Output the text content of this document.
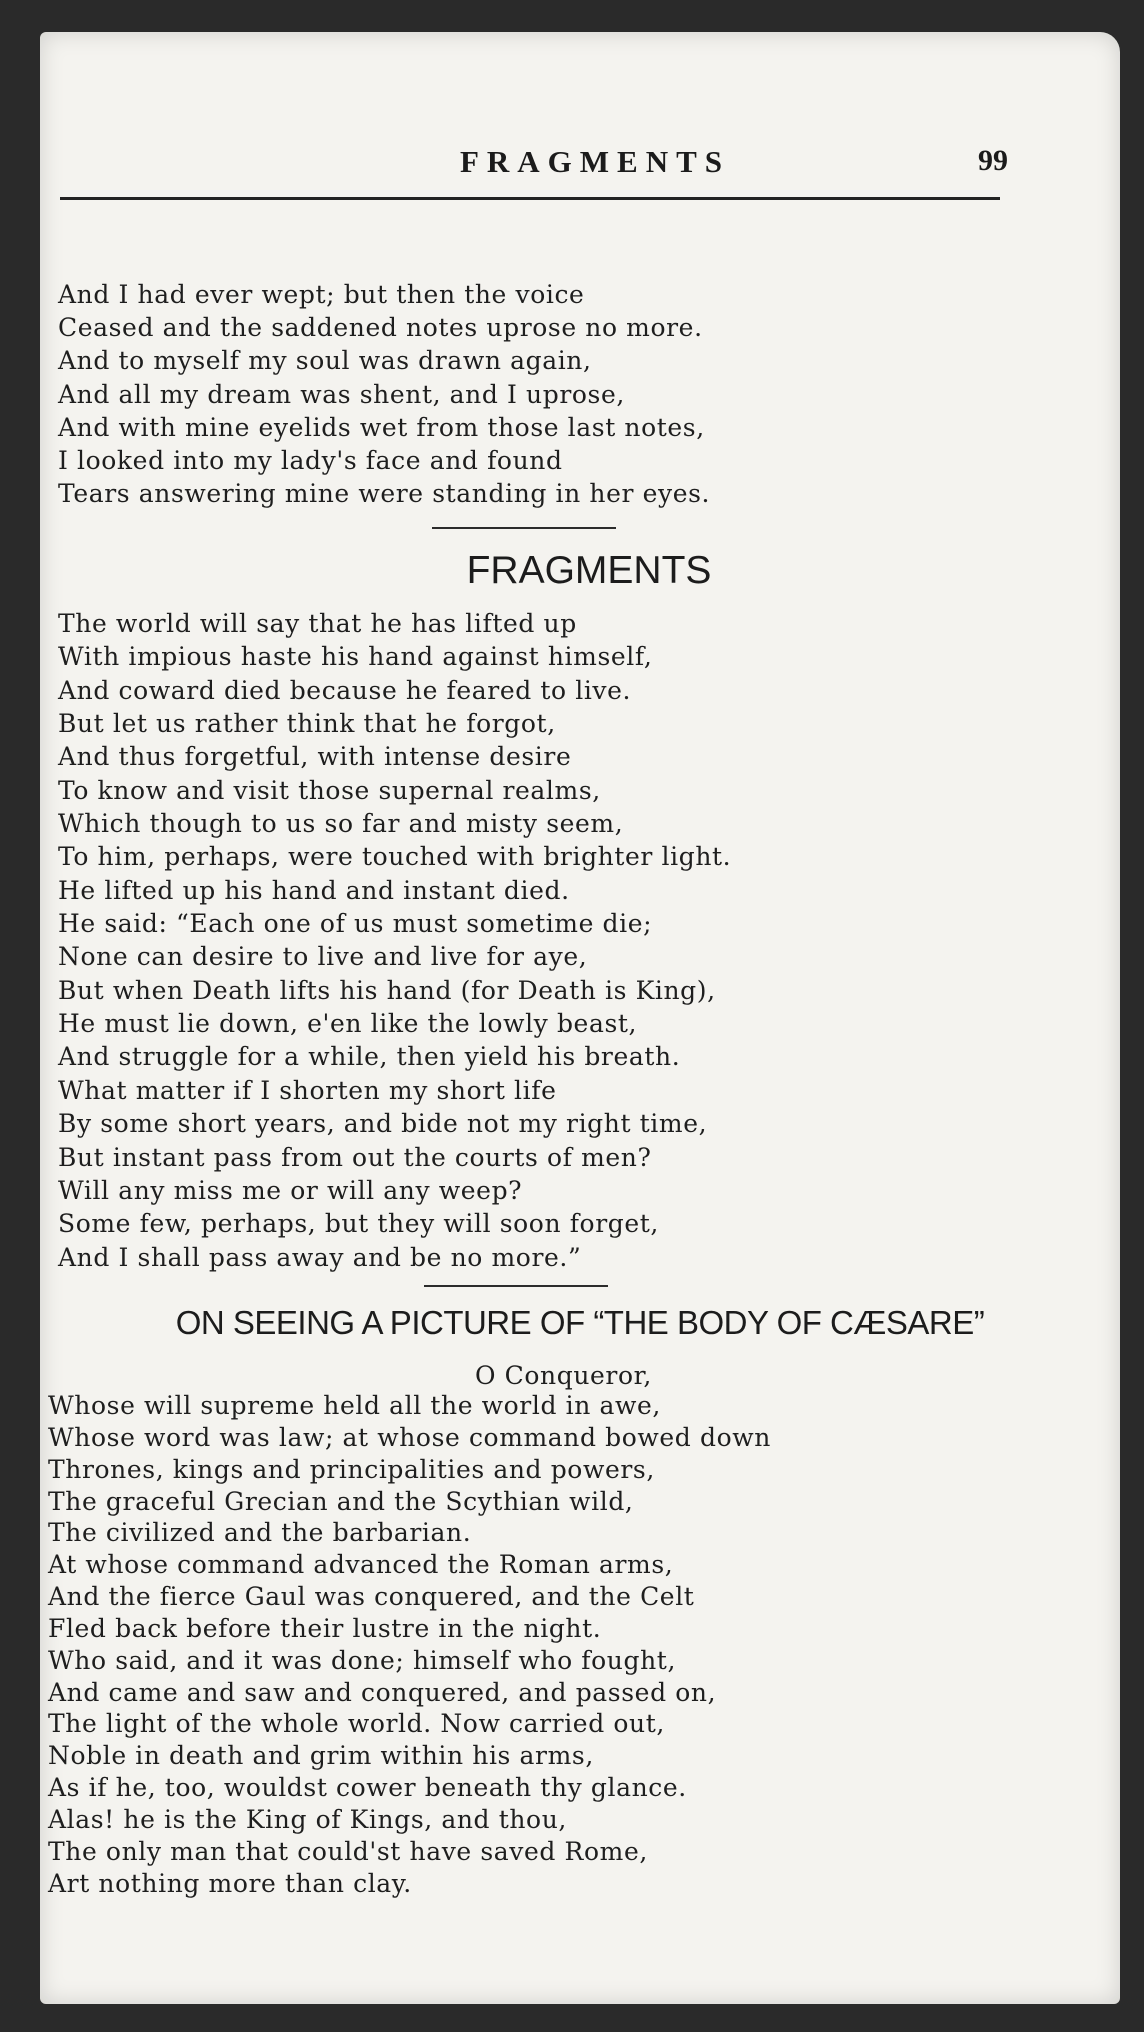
FRAGMENTS	99
And I had ever wept; but then the voice
Ceased and the saddened notes uprose no more.
And to myself my soul was drawn again,
And all my dream was shent, and I uprose,
And with mine eyelids wet from those last notes,
I looked into my lady's face and found
Tears answering mine were standing in her eyes.
FRAGMENTS
The world will say that he has lifted up
With impious haste his hand against himself,
And coward died because he feared to live.
But let us rather think that he forgot,
And thus forgetful, with intense desire
To know and visit those supernal realms,
Which though to us so far and misty seem,
To him, perhaps, were touched with brighter light.
He lifted up his hand and instant died.
He said: “Each one of us must sometime die;
None can desire to live and live for aye,
But when Death lifts his hand (for Death is King),
He must lie down, e'en like the lowly beast,
And struggle for a while, then yield his breath.
What matter if I shorten my short life
By some short years, and bide not my right time,
But instant pass from out the courts of men?
Will any miss me or will any weep?
Some few, perhaps, but they will soon forget,
And I shall pass away and be no more.”
ON SEEING A PICTURE OF “THE BODY OF CÆSARE”
O Conqueror,
Whose will supreme held all the world in awe,
Whose word was law; at whose command bowed down
Thrones, kings and principalities and powers,
The graceful Grecian and the Scythian wild,
The civilized and the barbarian.
At whose command advanced the Roman arms,
And the fierce Gaul was conquered, and the Celt
Fled back before their lustre in the night.
Who said, and it was done; himself who fought,
And came and saw and conquered, and passed on,
The light of the whole world. Now carried out,
Noble in death and grim within his arms,
As if he, too, wouldst cower beneath thy glance.
Alas! he is the King of Kings, and thou,
The only man that could'st have saved Rome,
Art nothing more than clay.
